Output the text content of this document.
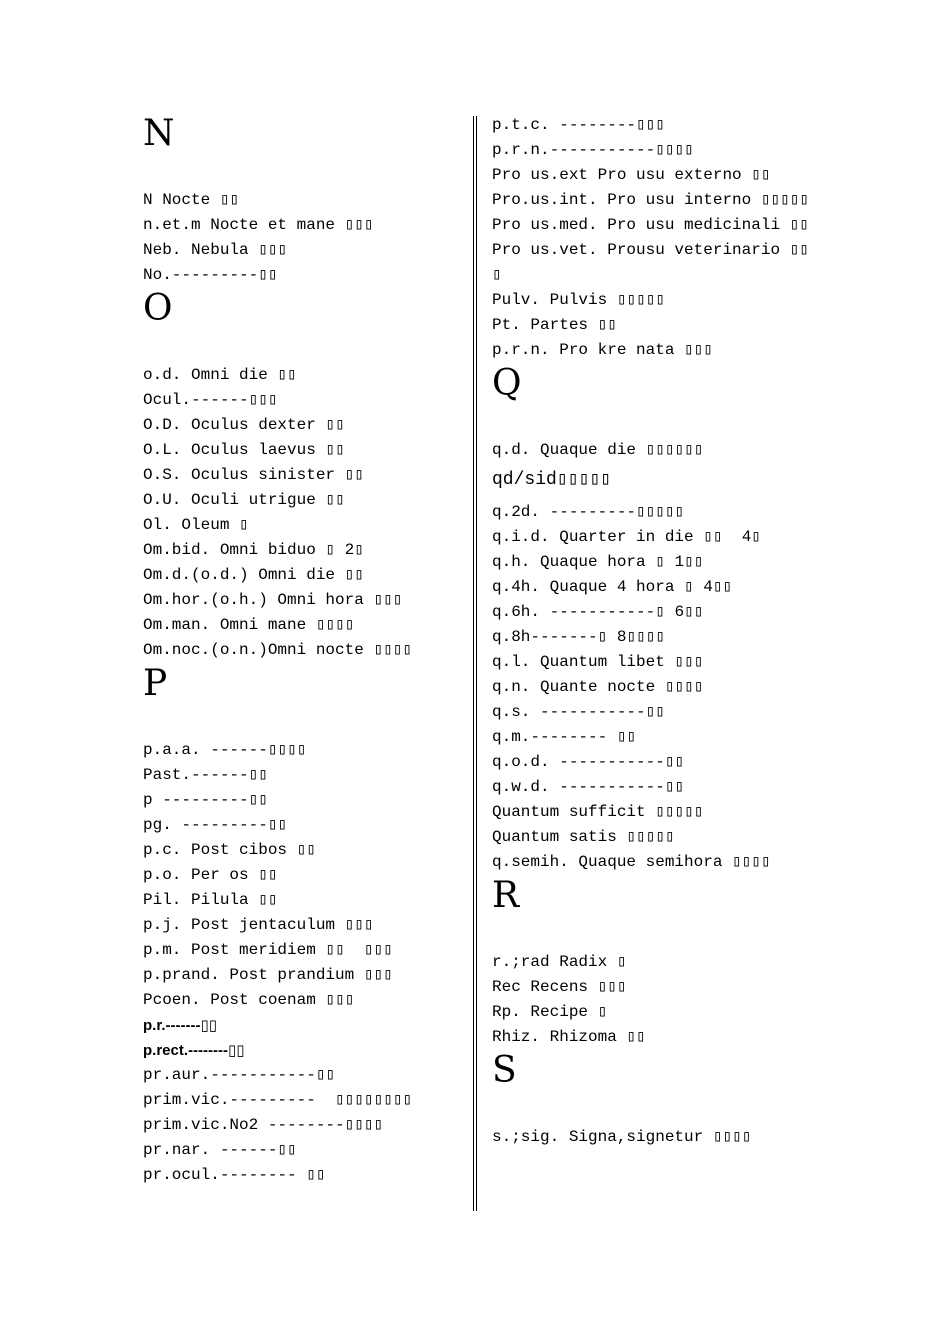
N
N Nocte ▯▯
n.et.m Nocte et mane ▯▯▯
Neb. Nebula ▯▯▯
No.---------▯▯
O
o.d. Omni die ▯▯
Ocul.------▯▯▯
O.D. Oculus dexter ▯▯
O.L. Oculus laevus ▯▯
O.S. Oculus sinister ▯▯
O.U. Oculi utrigue ▯▯
Ol. Oleum ▯
Om.bid. Omni biduo ▯ 2▯
Om.d.(o.d.) Omni die ▯▯
Om.hor.(o.h.) Omni hora ▯▯▯
Om.man. Omni mane ▯▯▯▯
Om.noc.(o.n.)Omni nocte ▯▯▯▯
P
p.a.a. ------▯▯▯▯
Past.------▯▯
p ---------▯▯
pg. ---------▯▯
p.c. Post cibos ▯▯
p.o. Per os ▯▯
Pil. Pilula ▯▯
p.j. Post jentaculum ▯▯▯
p.m. Post meridiem ▯▯  ▯▯▯
p.prand. Post prandium ▯▯▯
Pcoen. Post coenam ▯▯▯
p.r.-------▯▯
p.rect.--------▯▯
pr.aur.-----------▯▯
prim.vic.---------  ▯▯▯▯▯▯▯▯
prim.vic.No2 --------▯▯▯▯
pr.nar. ------▯▯
pr.ocul.-------- ▯▯
p.t.c. --------▯▯▯
p.r.n.-----------▯▯▯▯
Pro us.ext Pro usu externo ▯▯
Pro.us.int. Pro usu interno ▯▯▯▯▯
Pro us.med. Pro usu medicinali ▯▯
Pro us.vet. Prousu veterinario ▯▯▯
Pulv. Pulvis ▯▯▯▯▯
Pt. Partes ▯▯
p.r.n. Pro kre nata ▯▯▯
Q
q.d. Quaque die ▯▯▯▯▯▯
qd/sid▯▯▯▯▯
q.2d. ---------▯▯▯▯▯
q.i.d. Quarter in die ▯▯  4▯
q.h. Quaque hora ▯ 1▯▯
q.4h. Quaque 4 hora ▯ 4▯▯
q.6h. -----------▯ 6▯▯
q.8h-------▯ 8▯▯▯▯
q.l. Quantum libet ▯▯▯
q.n. Quante nocte ▯▯▯▯
q.s. -----------▯▯
q.m.-------- ▯▯
q.o.d. -----------▯▯
q.w.d. -----------▯▯
Quantum sufficit ▯▯▯▯▯
Quantum satis ▯▯▯▯▯
q.semih. Quaque semihora ▯▯▯▯
R
r.;rad Radix ▯
Rec Recens ▯▯▯
Rp. Recipe ▯
Rhiz. Rhizoma ▯▯
S
s.;sig. Signa,signetur ▯▯▯▯
